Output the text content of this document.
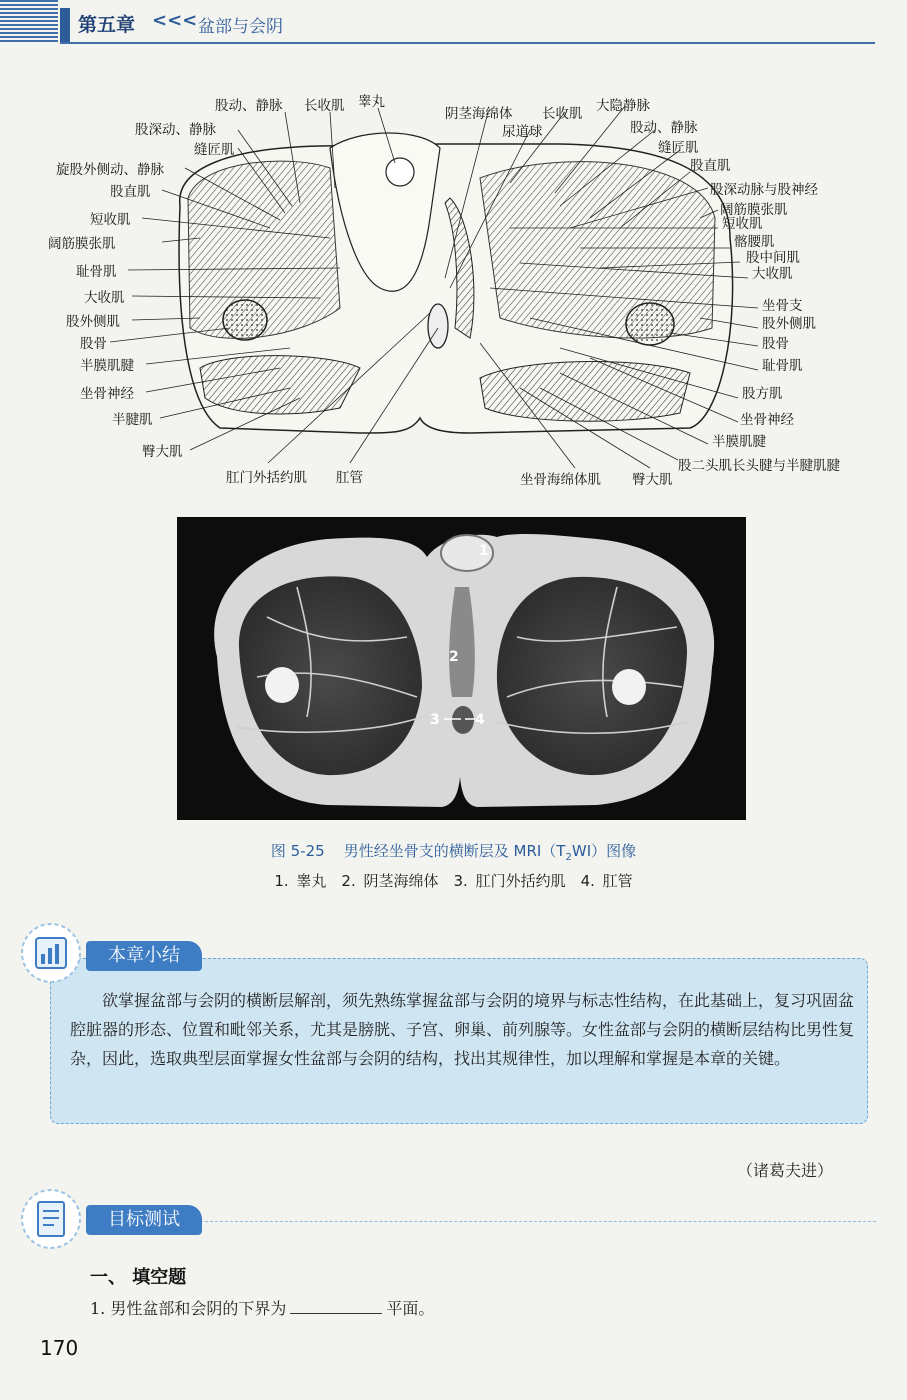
第五章 <<< 盆部与会阴
股动、静脉 长收肌 睾丸
股深动、静脉
缝匠肌
旋股外侧动、静脉
股直肌
短收肌
阔筋膜张肌
耻骨肌
大收肌
股外侧肌
股骨
半膜肌腱
坐骨神经
半腱肌
臀大肌
肛门外括约肌 肛管
阴茎海绵体 长收肌 大隐静脉
尿道球	股动、静脉
缝匠肌
股直肌
股深动脉与股神经
阔筋膜张肌
短收肌
髂腰肌
股中间肌
大收肌
坐骨支
股外侧肌
股骨
耻骨肌
股方肌
坐骨神经
半膜肌腱
股二头肌长头腱与半腱肌腱
坐骨海绵体肌 臀大肌
1
2
3	4
图 5-25 男性经坐骨支的横断层及 $MRI(T_2WI)$图像
1. 睾丸　2. 阴茎海绵体　3. 肛门外括约肌　4. 肛管
本章小结
欲掌握盆部与会阴的横断层解剖，须先熟练掌握盆部与会阴的境界与标志性结构，在此基础上，复习巩固盆腔脏器的形态、位置和毗邻关系，尤其是膀胱、子宫、卵巢、前列腺等。女性盆部与会阴的横断层结构比男性复杂，因此，选取典型层面掌握女性盆部与会阴的结构，找出其规律性，加以理解和掌握是本章的关键。
（诸葛夫进）
目标测试
一、 填空题
1. 男性盆部和会阴的下界为	平面。
170
